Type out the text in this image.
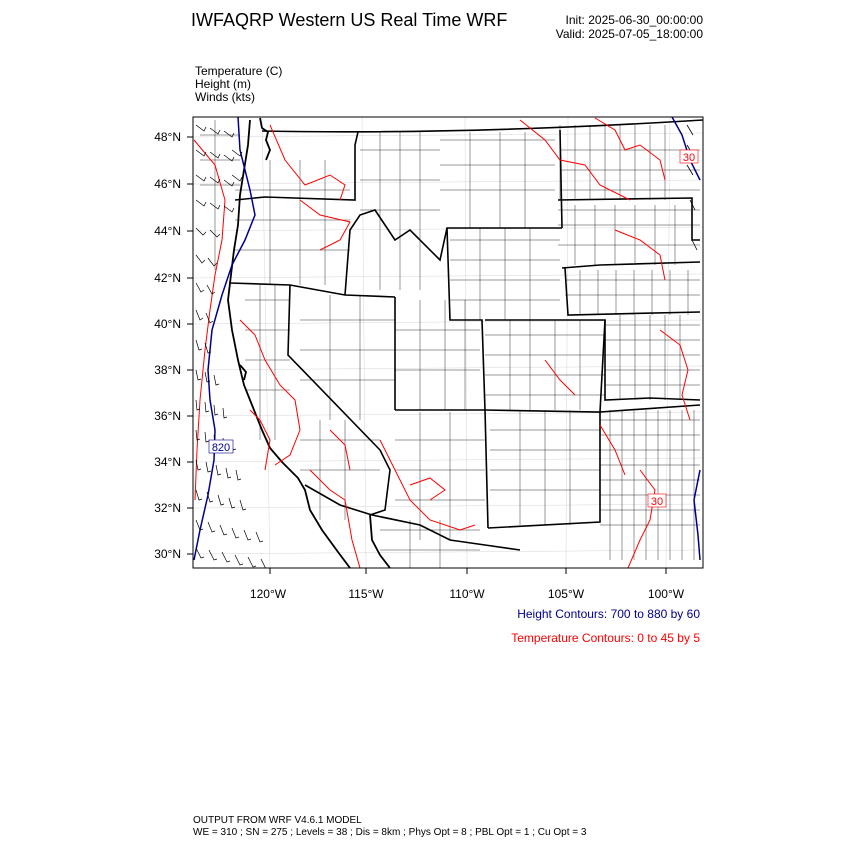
IWFAQRP Western US Real Time WRF	Init: 2025-06-30_00:00:00
Valid: 2025-07-05_18:00:00
Temperature (C)
Height (m)
Winds (kts)
820
30
30
48°N
46°N
44°N
42°N
40°N
38°N
36°N
34°N
32°N
30°N
120°W	115°W	110°W	105°W	100°W
Height Contours: 700 to 880 by 60
Temperature Contours: 0 to 45 by 5
OUTPUT FROM WRF V4.6.1 MODEL
WE = 310 ; SN = 275 ; Levels = 38 ; Dis = 8km ; Phys Opt = 8 ; PBL Opt = 1 ; Cu Opt = 3
